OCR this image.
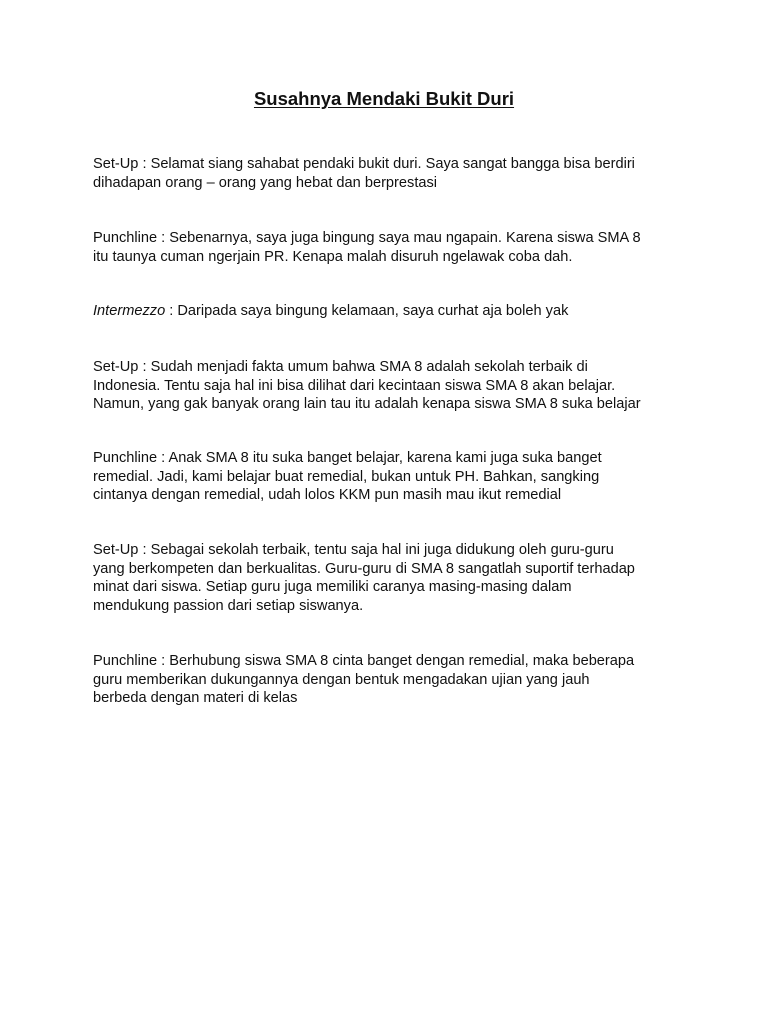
Susahnya Mendaki Bukit Duri
Set-Up : Selamat siang sahabat pendaki bukit duri. Saya sangat bangga bisa berdiri
dihadapan orang – orang yang hebat dan berprestasi
Punchline : Sebenarnya, saya juga bingung saya mau ngapain. Karena siswa SMA 8
itu taunya cuman ngerjain PR. Kenapa malah disuruh ngelawak coba dah.
Intermezzo : Daripada saya bingung kelamaan, saya curhat aja boleh yak
Set-Up : Sudah menjadi fakta umum bahwa SMA 8 adalah sekolah terbaik di
Indonesia. Tentu saja hal ini bisa dilihat dari kecintaan siswa SMA 8 akan belajar.
Namun, yang gak banyak orang lain tau itu adalah kenapa siswa SMA 8 suka belajar
Punchline : Anak SMA 8 itu suka banget belajar, karena kami juga suka banget
remedial. Jadi, kami belajar buat remedial, bukan untuk PH. Bahkan, sangking
cintanya dengan remedial, udah lolos KKM pun masih mau ikut remedial
Set-Up : Sebagai sekolah terbaik, tentu saja hal ini juga didukung oleh guru-guru
yang berkompeten dan berkualitas. Guru-guru di SMA 8 sangatlah suportif terhadap
minat dari siswa. Setiap guru juga memiliki caranya masing-masing dalam
mendukung passion dari setiap siswanya.
Punchline : Berhubung siswa SMA 8 cinta banget dengan remedial, maka beberapa
guru memberikan dukungannya dengan bentuk mengadakan ujian yang jauh
berbeda dengan materi di kelas
